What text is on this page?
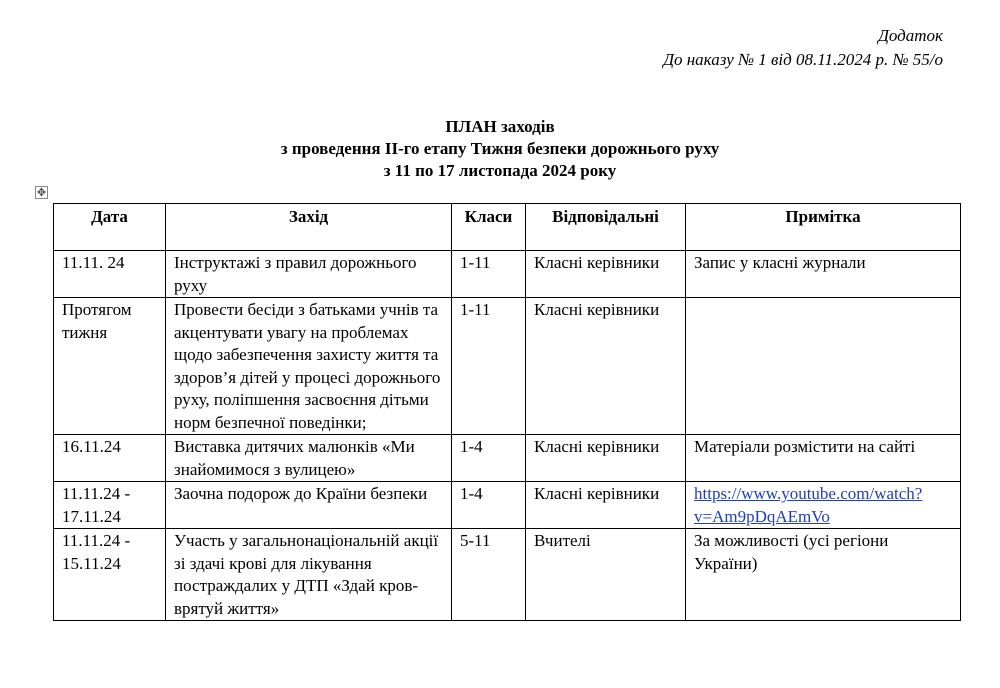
Додаток
До наказу № 1 від 08.11.2024 р. № 55/о
ПЛАН заходів
з проведення ІІ-го етапу Тижня безпеки дорожнього руху
з 11 по 17 листопада 2024 року
✥
Дата	Захід	Класи	Відповідальні	Примітка
11.11. 24	Інструктажі з правил дорожнього руху	1-11	Класні керівники	Запис у класні журнали
Протягом тижня	Провести бесіди з батьками учнів та акцентувати увагу на проблемах щодо забезпечення захисту життя та здоров’я дітей у процесі дорожнього руху, поліпшення засвоєння дітьми норм безпечної поведінки;	1-11	Класні керівники	
16.11.24	Виставка дитячих малюнків «Ми знайомимося з вулицею»	1-4	Класні керівники	Матеріали розмістити на сайті
11.11.24 - 17.11.24	Заочна подорож до Країни безпеки	1-4	Класні керівники	https://www.youtube.com/watch?v=Am9pDqAEmVo
11.11.24 - 15.11.24	Участь у загальнонаціональній акції зі здачі крові для лікування постраждалих у ДТП «Здай кров-врятуй життя»	5-11	Вчителі	За можливості (усі регіони України)
